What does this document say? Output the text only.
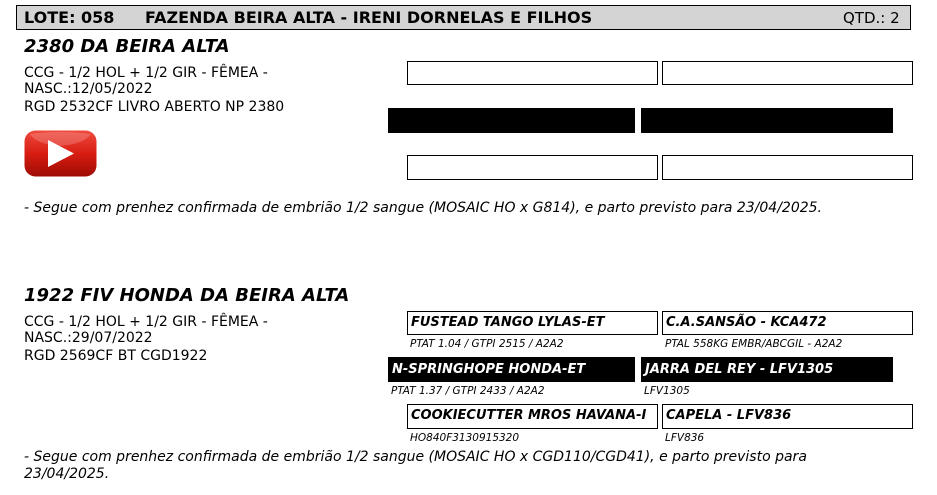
LOTE: 058 FAZENDA BEIRA ALTA - IRENI DORNELAS E FILHOS	QTD.: 2
2380 DA BEIRA ALTA
CCG - 1/2 HOL + 1/2 GIR - FÊMEA -
NASC.:12/05/2022
RGD 2532CF LIVRO ABERTO NP 2380
- Segue com prenhez confirmada de embrião 1/2 sangue (MOSAIC HO x G814), e parto previsto para 23/04/2025.
1922 FIV HONDA DA BEIRA ALTA
CCG - 1/2 HOL + 1/2 GIR - FÊMEA -
NASC.:29/07/2022
RGD 2569CF BT CGD1922
FUSTEAD TANGO LYLAS-ET
PTAT 1.04 / GTPI 2515 / A2A2
C.A.SANSÃO - KCA472
PTAL 558KG EMBR/ABCGIL - A2A2
N-SPRINGHOPE HONDA-ET
PTAT 1.37 / GTPI 2433 / A2A2
JARRA DEL REY - LFV1305
LFV1305
COOKIECUTTER MROS HAVANA-I
HO840F3130915320
CAPELA - LFV836
LFV836
- Segue com prenhez confirmada de embrião 1/2 sangue (MOSAIC HO x CGD110/CGD41), e parto previsto para
23/04/2025.
